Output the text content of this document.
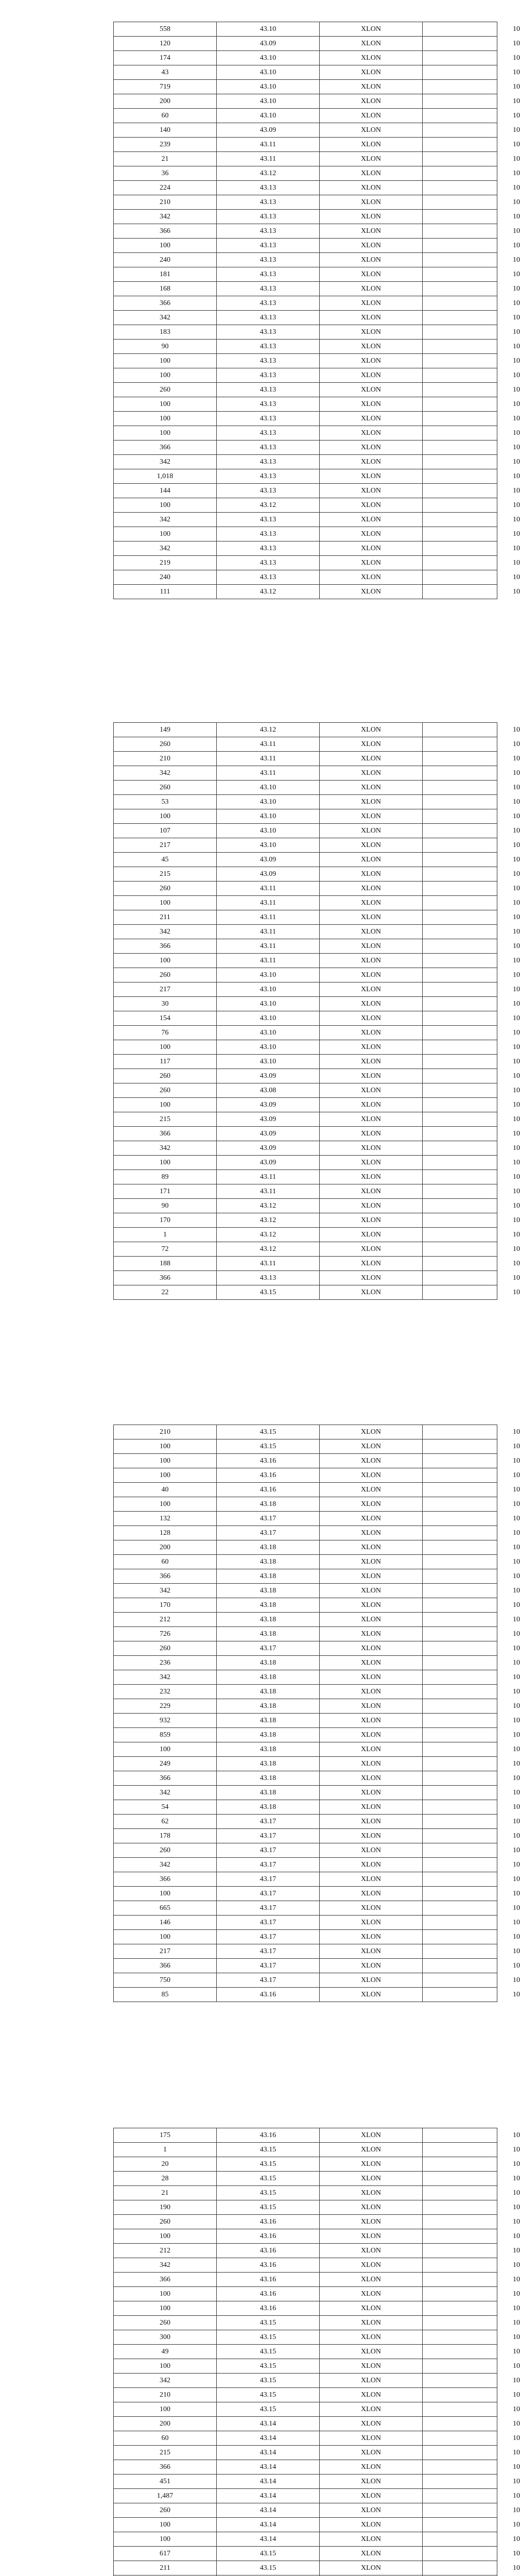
558	43.10	XLON	10
120	43.09	XLON	10
174	43.10	XLON	10
43	43.10	XLON	10
719	43.10	XLON	10
200	43.10	XLON	10
60	43.10	XLON	10
140	43.09	XLON	10
239	43.11	XLON	10
21	43.11	XLON	10
36	43.12	XLON	10
224	43.13	XLON	10
210	43.13	XLON	10
342	43.13	XLON	10
366	43.13	XLON	10
100	43.13	XLON	10
240	43.13	XLON	10
181	43.13	XLON	10
168	43.13	XLON	10
366	43.13	XLON	10
342	43.13	XLON	10
183	43.13	XLON	10
90	43.13	XLON	10
100	43.13	XLON	10
100	43.13	XLON	10
260	43.13	XLON	10
100	43.13	XLON	10
100	43.13	XLON	10
100	43.13	XLON	10
366	43.13	XLON	10
342	43.13	XLON	10
1,018	43.13	XLON	10
144	43.13	XLON	10
100	43.12	XLON	10
342	43.13	XLON	10
100	43.13	XLON	10
342	43.13	XLON	10
219	43.13	XLON	10
240	43.13	XLON	10
111	43.12	XLON	10
149	43.12	XLON	10
260	43.11	XLON	10
210	43.11	XLON	10
342	43.11	XLON	10
260	43.10	XLON	10
53	43.10	XLON	10
100	43.10	XLON	10
107	43.10	XLON	10
217	43.10	XLON	10
45	43.09	XLON	10
215	43.09	XLON	10
260	43.11	XLON	10
100	43.11	XLON	10
211	43.11	XLON	10
342	43.11	XLON	10
366	43.11	XLON	10
100	43.11	XLON	10
260	43.10	XLON	10
217	43.10	XLON	10
30	43.10	XLON	10
154	43.10	XLON	10
76	43.10	XLON	10
100	43.10	XLON	10
117	43.10	XLON	10
260	43.09	XLON	10
260	43.08	XLON	10
100	43.09	XLON	10
215	43.09	XLON	10
366	43.09	XLON	10
342	43.09	XLON	10
100	43.09	XLON	10
89	43.11	XLON	10
171	43.11	XLON	10
90	43.12	XLON	10
170	43.12	XLON	10
1	43.12	XLON	10
72	43.12	XLON	10
188	43.11	XLON	10
366	43.13	XLON	10
22	43.15	XLON	10
210	43.15	XLON	10
100	43.15	XLON	10
100	43.16	XLON	10
100	43.16	XLON	10
40	43.16	XLON	10
100	43.18	XLON	10
132	43.17	XLON	10
128	43.17	XLON	10
200	43.18	XLON	10
60	43.18	XLON	10
366	43.18	XLON	10
342	43.18	XLON	10
170	43.18	XLON	10
212	43.18	XLON	10
726	43.18	XLON	10
260	43.17	XLON	10
236	43.18	XLON	10
342	43.18	XLON	10
232	43.18	XLON	10
229	43.18	XLON	10
932	43.18	XLON	10
859	43.18	XLON	10
100	43.18	XLON	10
249	43.18	XLON	10
366	43.18	XLON	10
342	43.18	XLON	10
54	43.18	XLON	10
62	43.17	XLON	10
178	43.17	XLON	10
260	43.17	XLON	10
342	43.17	XLON	10
366	43.17	XLON	10
100	43.17	XLON	10
665	43.17	XLON	10
146	43.17	XLON	10
100	43.17	XLON	10
217	43.17	XLON	10
366	43.17	XLON	10
750	43.17	XLON	10
85	43.16	XLON	10
175	43.16	XLON	10
1	43.15	XLON	10
20	43.15	XLON	10
28	43.15	XLON	10
21	43.15	XLON	10
190	43.15	XLON	10
260	43.16	XLON	10
100	43.16	XLON	10
212	43.16	XLON	10
342	43.16	XLON	10
366	43.16	XLON	10
100	43.16	XLON	10
100	43.16	XLON	10
260	43.15	XLON	10
300	43.15	XLON	10
49	43.15	XLON	10
100	43.15	XLON	10
342	43.15	XLON	10
210	43.15	XLON	10
100	43.15	XLON	10
200	43.14	XLON	10
60	43.14	XLON	10
215	43.14	XLON	10
366	43.14	XLON	10
451	43.14	XLON	10
1,487	43.14	XLON	10
260	43.14	XLON	10
100	43.14	XLON	10
100	43.14	XLON	10
617	43.15	XLON	10
211	43.15	XLON	10
